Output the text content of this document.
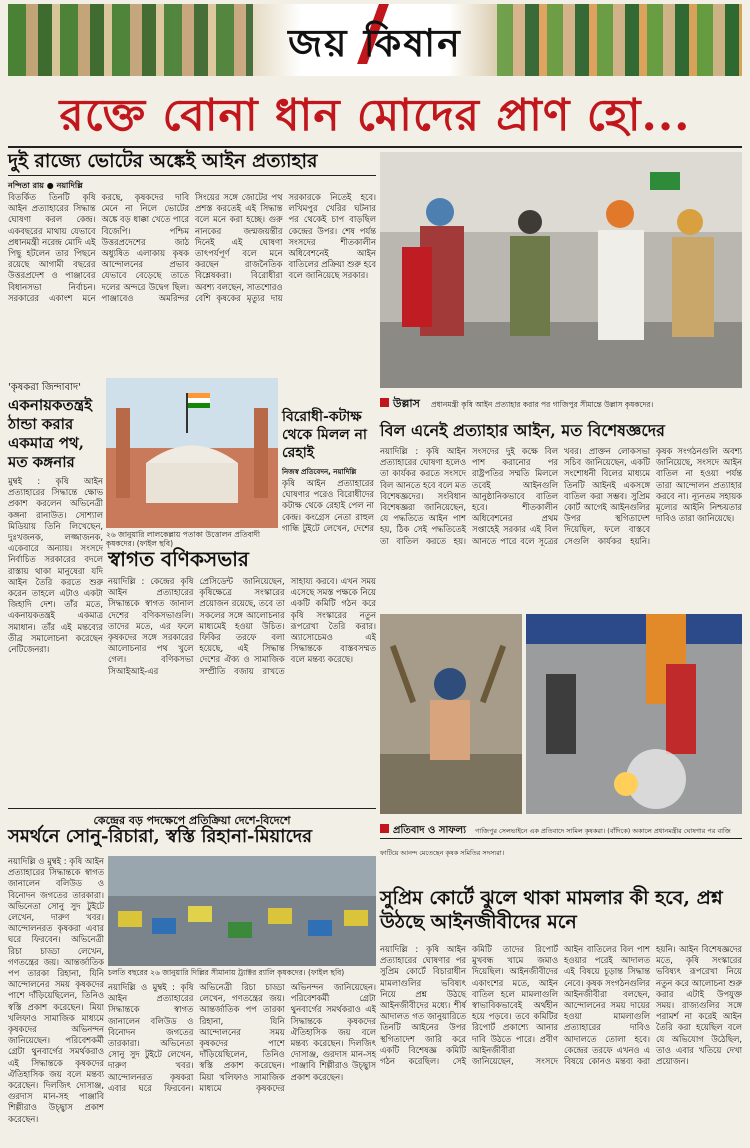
জয় কিষান
রক্তে বোনা ধান মোদের প্রাণ হো...
দুই রাজ্যে ভোটের অঙ্কেই আইন প্রত্যাহার
নন্দিতা রায় ● নয়াদিল্লি
বিতর্কিত তিনটি কৃষি আইন প্রত্যাহারের সিদ্ধান্ত ঘোষণা করল কেন্দ্র। একবছরের মাথায় যেভাবে প্রধানমন্ত্রী নরেন্দ্র মোদি এই পিছু হটলেন তার পিছনে রয়েছে আগামী বছরের উত্তরপ্রদেশ ও পাঞ্জাবের বিধানসভা নির্বাচন। সরকারের একাংশ মনে করছে, কৃষকদের দাবি মেনে না নিলে ভোটের অঙ্কে বড় ধাক্কা খেতে পারে বিজেপি। পশ্চিম উত্তরপ্রদেশের জাঠ অধ্যুষিত এলাকায় কৃষক আন্দোলনের প্রভাব যেভাবে বেড়েছে তাতে দলের অন্দরে উদ্বেগ ছিল। পাঞ্জাবেও অমরিন্দর সিংয়ের সঙ্গে জোটের পথ প্রশস্ত করতেই এই সিদ্ধান্ত বলে মনে করা হচ্ছে। গুরু নানকের জন্মজয়ন্তীর দিনেই এই ঘোষণা তাৎপর্যপূর্ণ বলে মনে করছেন রাজনৈতিক বিশ্লেষকরা। বিরোধীরা অবশ্য বলছেন, সাতশোরও বেশি কৃষকের মৃত্যুর দায় সরকারকে নিতেই হবে। লখিমপুর খেরির ঘটনার পর থেকেই চাপ বাড়ছিল কেন্দ্রের উপর। শেষ পর্যন্ত সংসদের শীতকালীন অধিবেশনেই আইন বাতিলের প্রক্রিয়া শুরু হবে বলে জানিয়েছে সরকার।
উল্লাস প্রধানমন্ত্রী কৃষি আইন প্রত্যাহার করার পর গাজিপুর সীমান্তে উল্লাস কৃষকদের।
'কৃষকরা জিন্দাবাদ'
একনায়কতন্ত্রই ঠান্ডা করার একমাত্র পথ, মত কঙ্গনার
মুম্বই : কৃষি আইন প্রত্যাহারের সিদ্ধান্তে ক্ষোভ প্রকাশ করলেন অভিনেত্রী কঙ্গনা রানাউত। সোশ্যাল মিডিয়ায় তিনি লিখেছেন, দুঃখজনক, লজ্জাজনক, একেবারে অন্যায়। সংসদে নির্বাচিত সরকারের বদলে রাস্তায় থাকা মানুষেরা যদি আইন তৈরি করতে শুরু করেন তাহলে এটাও একটা জিহাদি দেশ। তাঁর মতে, একনায়কতন্ত্রই একমাত্র সমাধান। তাঁর এই মন্তব্যের তীব্র সমালোচনা করেছেন নেটিজেনরা।
২৬ জানুয়ারি লালকেল্লায় পতাকা উত্তোলন প্রতিবাদী কৃষকদের। (ফাইল ছবি)
বিরোধী-কটাক্ষ থেকে মিলল না রেহাই
নিজস্ব প্রতিবেদন, নয়াদিল্লি
কৃষি আইন প্রত্যাহারের ঘোষণার পরেও বিরোধীদের কটাক্ষ থেকে রেহাই পেল না কেন্দ্র। কংগ্রেস নেতা রাহুল গান্ধি টুইটে লেখেন, দেশের
স্বাগত বণিকসভার
নয়াদিল্লি : কেন্দ্রের কৃষি আইন প্রত্যাহারের সিদ্ধান্তকে স্বাগত জানাল দেশের বণিকসভাগুলি। তাদের মতে, এর ফলে কৃষকদের সঙ্গে সরকারের আলোচনার পথ খুলে গেল। বণিকসভা সিআইআই-এর প্রেসিডেন্ট জানিয়েছেন, কৃষিক্ষেত্রে সংস্কারের প্রয়োজন রয়েছে, তবে তা সকলের সঙ্গে আলোচনার মাধ্যমেই হওয়া উচিত। ফিকির তরফে বলা হয়েছে, এই সিদ্ধান্ত দেশের ঐক্য ও সামাজিক সম্প্রীতি বজায় রাখতে সাহায্য করবে। এখন সময় এসেছে সমস্ত পক্ষকে নিয়ে একটি কমিটি গঠন করে কৃষি সংস্কারের নতুন রূপরেখা তৈরি করার। অ্যাসোচেমও এই সিদ্ধান্তকে বাস্তবসম্মত বলে মন্তব্য করেছে।
বিল এনেই প্রত্যাহার আইন, মত বিশেষজ্ঞদের
নয়াদিল্লি : কৃষি আইন প্রত্যাহারের ঘোষণা হলেও তা কার্যকর করতে সংসদে বিল আনতে হবে বলে মত বিশেষজ্ঞদের। সংবিধান বিশেষজ্ঞরা জানিয়েছেন, যে পদ্ধতিতে আইন পাশ হয়, ঠিক সেই পদ্ধতিতেই তা বাতিল করতে হয়। সংসদের দুই কক্ষে বিল পাশ করানোর পর রাষ্ট্রপতির সম্মতি মিললে তবেই আইনগুলি আনুষ্ঠানিকভাবে বাতিল হবে। শীতকালীন অধিবেশনের প্রথম সপ্তাহেই সরকার এই বিল আনতে পারে বলে সূত্রের খবর। প্রাক্তন লোকসভা সচিব জানিয়েছেন, একটি সংশোধনী বিলের মাধ্যমে তিনটি আইনই একসঙ্গে বাতিল করা সম্ভব। সুপ্রিম কোর্ট আগেই আইনগুলির উপর স্থগিতাদেশ দিয়েছিল, ফলে বাস্তবে সেগুলি কার্যকর হয়নি। কৃষক সংগঠনগুলি অবশ্য জানিয়েছে, সংসদে আইন বাতিল না হওয়া পর্যন্ত তারা আন্দোলন প্রত্যাহার করবে না। ন্যূনতম সহায়ক মূল্যের আইনি নিশ্চয়তার দাবিও তারা জানিয়েছে।
প্রতিবাদ ও সাফল্য গাজিপুর সেলভাইনে এক প্রতিবাদে সামিল কৃষকরা। (বাঁদিকে) অকালে প্রধানমন্ত্রীর ঘোষণার পর বাজি ফাটিয়ে আনন্দ মেতেছেন কৃষক সমিতির সদস্যরা।
কেন্দ্রের বড় পদক্ষেপে প্রতিক্রিয়া দেশে-বিদেশে
সমর্থনে সোনু-রিচারা, স্বস্তি রিহানা-মিয়াদের
নয়াদিল্লি ও মুম্বই : কৃষি আইন প্রত্যাহারের সিদ্ধান্তকে স্বাগত জানালেন বলিউড ও বিনোদন জগতের তারকারা। অভিনেতা সোনু সুদ টুইটে লেখেন, দারুণ খবর। আন্দোলনরত কৃষকরা এবার ঘরে ফিরবেন। অভিনেত্রী রিচা চাড্ডা লেখেন, গণতন্ত্রের জয়। আন্তর্জাতিক পপ তারকা রিহানা, যিনি আন্দোলনের সময় কৃষকদের পাশে দাঁড়িয়েছিলেন, তিনিও স্বস্তি প্রকাশ করেছেন। মিয়া খলিফাও সামাজিক মাধ্যমে কৃষকদের অভিনন্দন জানিয়েছেন। পরিবেশকর্মী গ্রেটা থুনবার্গের সমর্থকরাও এই সিদ্ধান্তকে কৃষকদের ঐতিহাসিক জয় বলে মন্তব্য করেছেন। দিলজিৎ দোসাঞ্জ, গুরদাস মান-সহ পাঞ্জাবি শিল্পীরাও উচ্ছ্বাস প্রকাশ করেছেন।
চলতি বছরের ২৬ জানুয়ারি দিল্লির সীমানায় ট্র্যাক্টর র‍্যালি কৃষকদের। (ফাইল ছবি)
নয়াদিল্লি ও মুম্বই : কৃষি আইন প্রত্যাহারের সিদ্ধান্তকে স্বাগত জানালেন বলিউড ও বিনোদন জগতের তারকারা। অভিনেতা সোনু সুদ টুইটে লেখেন, দারুণ খবর। আন্দোলনরত কৃষকরা এবার ঘরে ফিরবেন। অভিনেত্রী রিচা চাড্ডা লেখেন, গণতন্ত্রের জয়। আন্তর্জাতিক পপ তারকা রিহানা, যিনি আন্দোলনের সময় কৃষকদের পাশে দাঁড়িয়েছিলেন, তিনিও স্বস্তি প্রকাশ করেছেন। মিয়া খলিফাও সামাজিক মাধ্যমে কৃষকদের অভিনন্দন জানিয়েছেন। পরিবেশকর্মী গ্রেটা থুনবার্গের সমর্থকরাও এই সিদ্ধান্তকে কৃষকদের ঐতিহাসিক জয় বলে মন্তব্য করেছেন। দিলজিৎ দোসাঞ্জ, গুরদাস মান-সহ পাঞ্জাবি শিল্পীরাও উচ্ছ্বাস প্রকাশ করেছেন।
সুপ্রিম কোর্টে ঝুলে থাকা মামলার কী হবে, প্রশ্ন উঠছে আইনজীবীদের মনে
নয়াদিল্লি : কৃষি আইন প্রত্যাহারের ঘোষণার পর সুপ্রিম কোর্টে বিচারাধীন মামলাগুলির ভবিষ্যৎ নিয়ে প্রশ্ন উঠছে আইনজীবীদের মধ্যে। শীর্ষ আদালত গত জানুয়ারিতে তিনটি আইনের উপর স্থগিতাদেশ জারি করে একটি বিশেষজ্ঞ কমিটি গঠন করেছিল। সেই কমিটি তাদের রিপোর্ট মুখবন্ধ খামে জমাও দিয়েছিল। আইনজীবীদের একাংশের মতে, আইন বাতিল হলে মামলাগুলি স্বাভাবিকভাবেই অর্থহীন হয়ে পড়বে। তবে কমিটির রিপোর্ট প্রকাশ্যে আনার দাবি উঠতে পারে। প্রবীণ আইনজীবীরা জানিয়েছেন, সংসদে আইন বাতিলের বিল পাশ হওয়ার পরেই আদালত এই বিষয়ে চূড়ান্ত সিদ্ধান্ত নেবে। কৃষক সংগঠনগুলির আইনজীবীরা বলছেন, আন্দোলনের সময় দায়ের হওয়া মামলাগুলি প্রত্যাহারের দাবিও আদালতে তোলা হবে। কেন্দ্রের তরফে এখনও এ বিষয়ে কোনও মন্তব্য করা হয়নি। আইন বিশেষজ্ঞদের মতে, কৃষি সংস্কারের ভবিষ্যৎ রূপরেখা নিয়ে নতুন করে আলোচনা শুরু করার এটাই উপযুক্ত সময়। রাজ্যগুলির সঙ্গে পরামর্শ না করেই আইন তৈরি করা হয়েছিল বলে যে অভিযোগ উঠেছিল, তাও এবার খতিয়ে দেখা প্রয়োজন।
